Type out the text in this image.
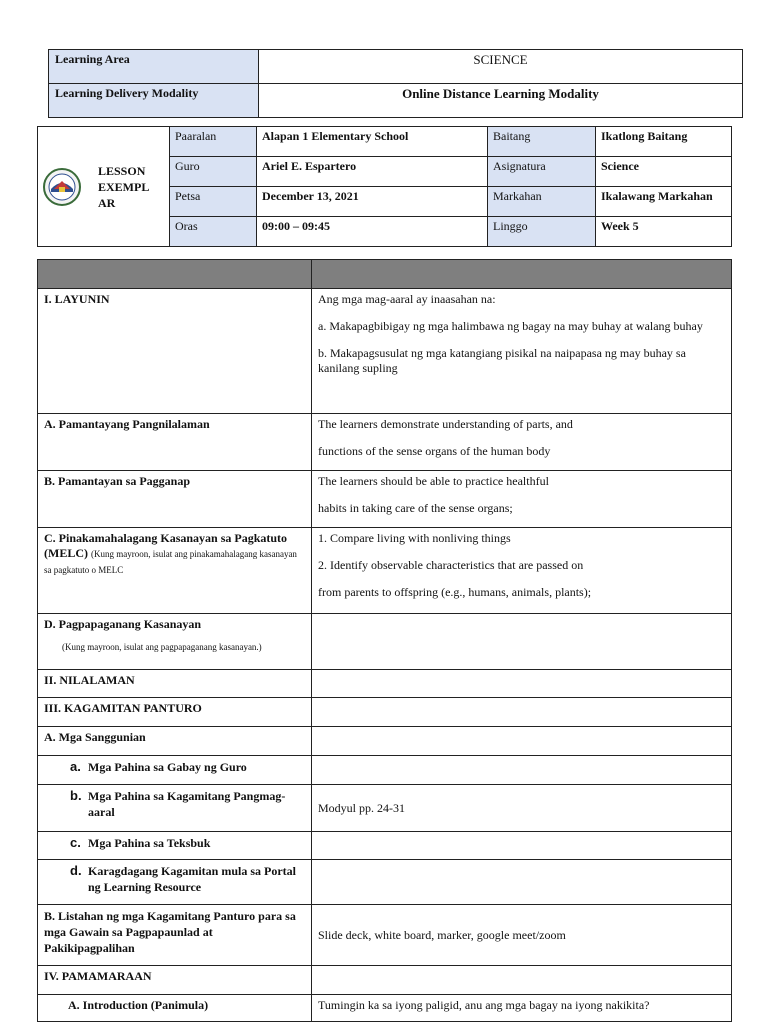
Learning Area	SCIENCE
Learning Delivery Modality	Online Distance Learning Modality
LESSON EXEMPL AR	Paaralan	Alapan 1 Elementary School	Baitang	Ikatlong Baitang
	Guro	Ariel E. Espartero	Asignatura	Science
	Petsa	December 13, 2021	Markahan	Ikalawang Markahan
	Oras	09:00 – 09:45	Linggo	Week 5

I. LAYUNIN	Ang mga mag-aaral ay inaasahan na:
a. Makapagbibigay ng mga halimbawa ng bagay na may buhay at walang buhay
b. Makapagsusulat ng mga katangiang pisikal na naipapasa ng may buhay sa kanilang supling

A. Pamantayang Pangnilalaman	The learners demonstrate understanding of parts, and
functions of the sense organs of the human body

B. Pamantayan sa Pagganap	The learners should be able to practice healthful
habits in taking care of the sense organs;

C. Pinakamahalagang Kasanayan sa Pagkatuto (MELC) (Kung mayroon, isulat ang pinakamahalagang kasanayan sa pagkatuto o MELC	1. Compare living with nonliving things
2. Identify observable characteristics that are passed on
from parents to offspring (e.g., humans, animals, plants);

D. Pagpapaganang Kasanayan
(Kung mayroon, isulat ang pagpapaganang kasanayan.)	

II. NILALAMAN	
III. KAGAMITAN PANTURO	
A. Mga Sanggunian	

a. Mga Pahina sa Gabay ng Guro	

b. Mga Pahina sa Kagamitang Pangmag-aaral	Modyul pp. 24-31

c. Mga Pahina sa Teksbuk	

d. Karagdagang Kagamitan mula sa Portal ng Learning Resource	

B. Listahan ng mga Kagamitang Panturo para sa mga Gawain sa Pagpapaunlad at Pakikipagpalihan	Slide deck, white board, marker, google meet/zoom
IV. PAMAMARAAN	
A. Introduction (Panimula)	Tumingin ka sa iyong paligid, anu ang mga bagay na iyong nakikita?
